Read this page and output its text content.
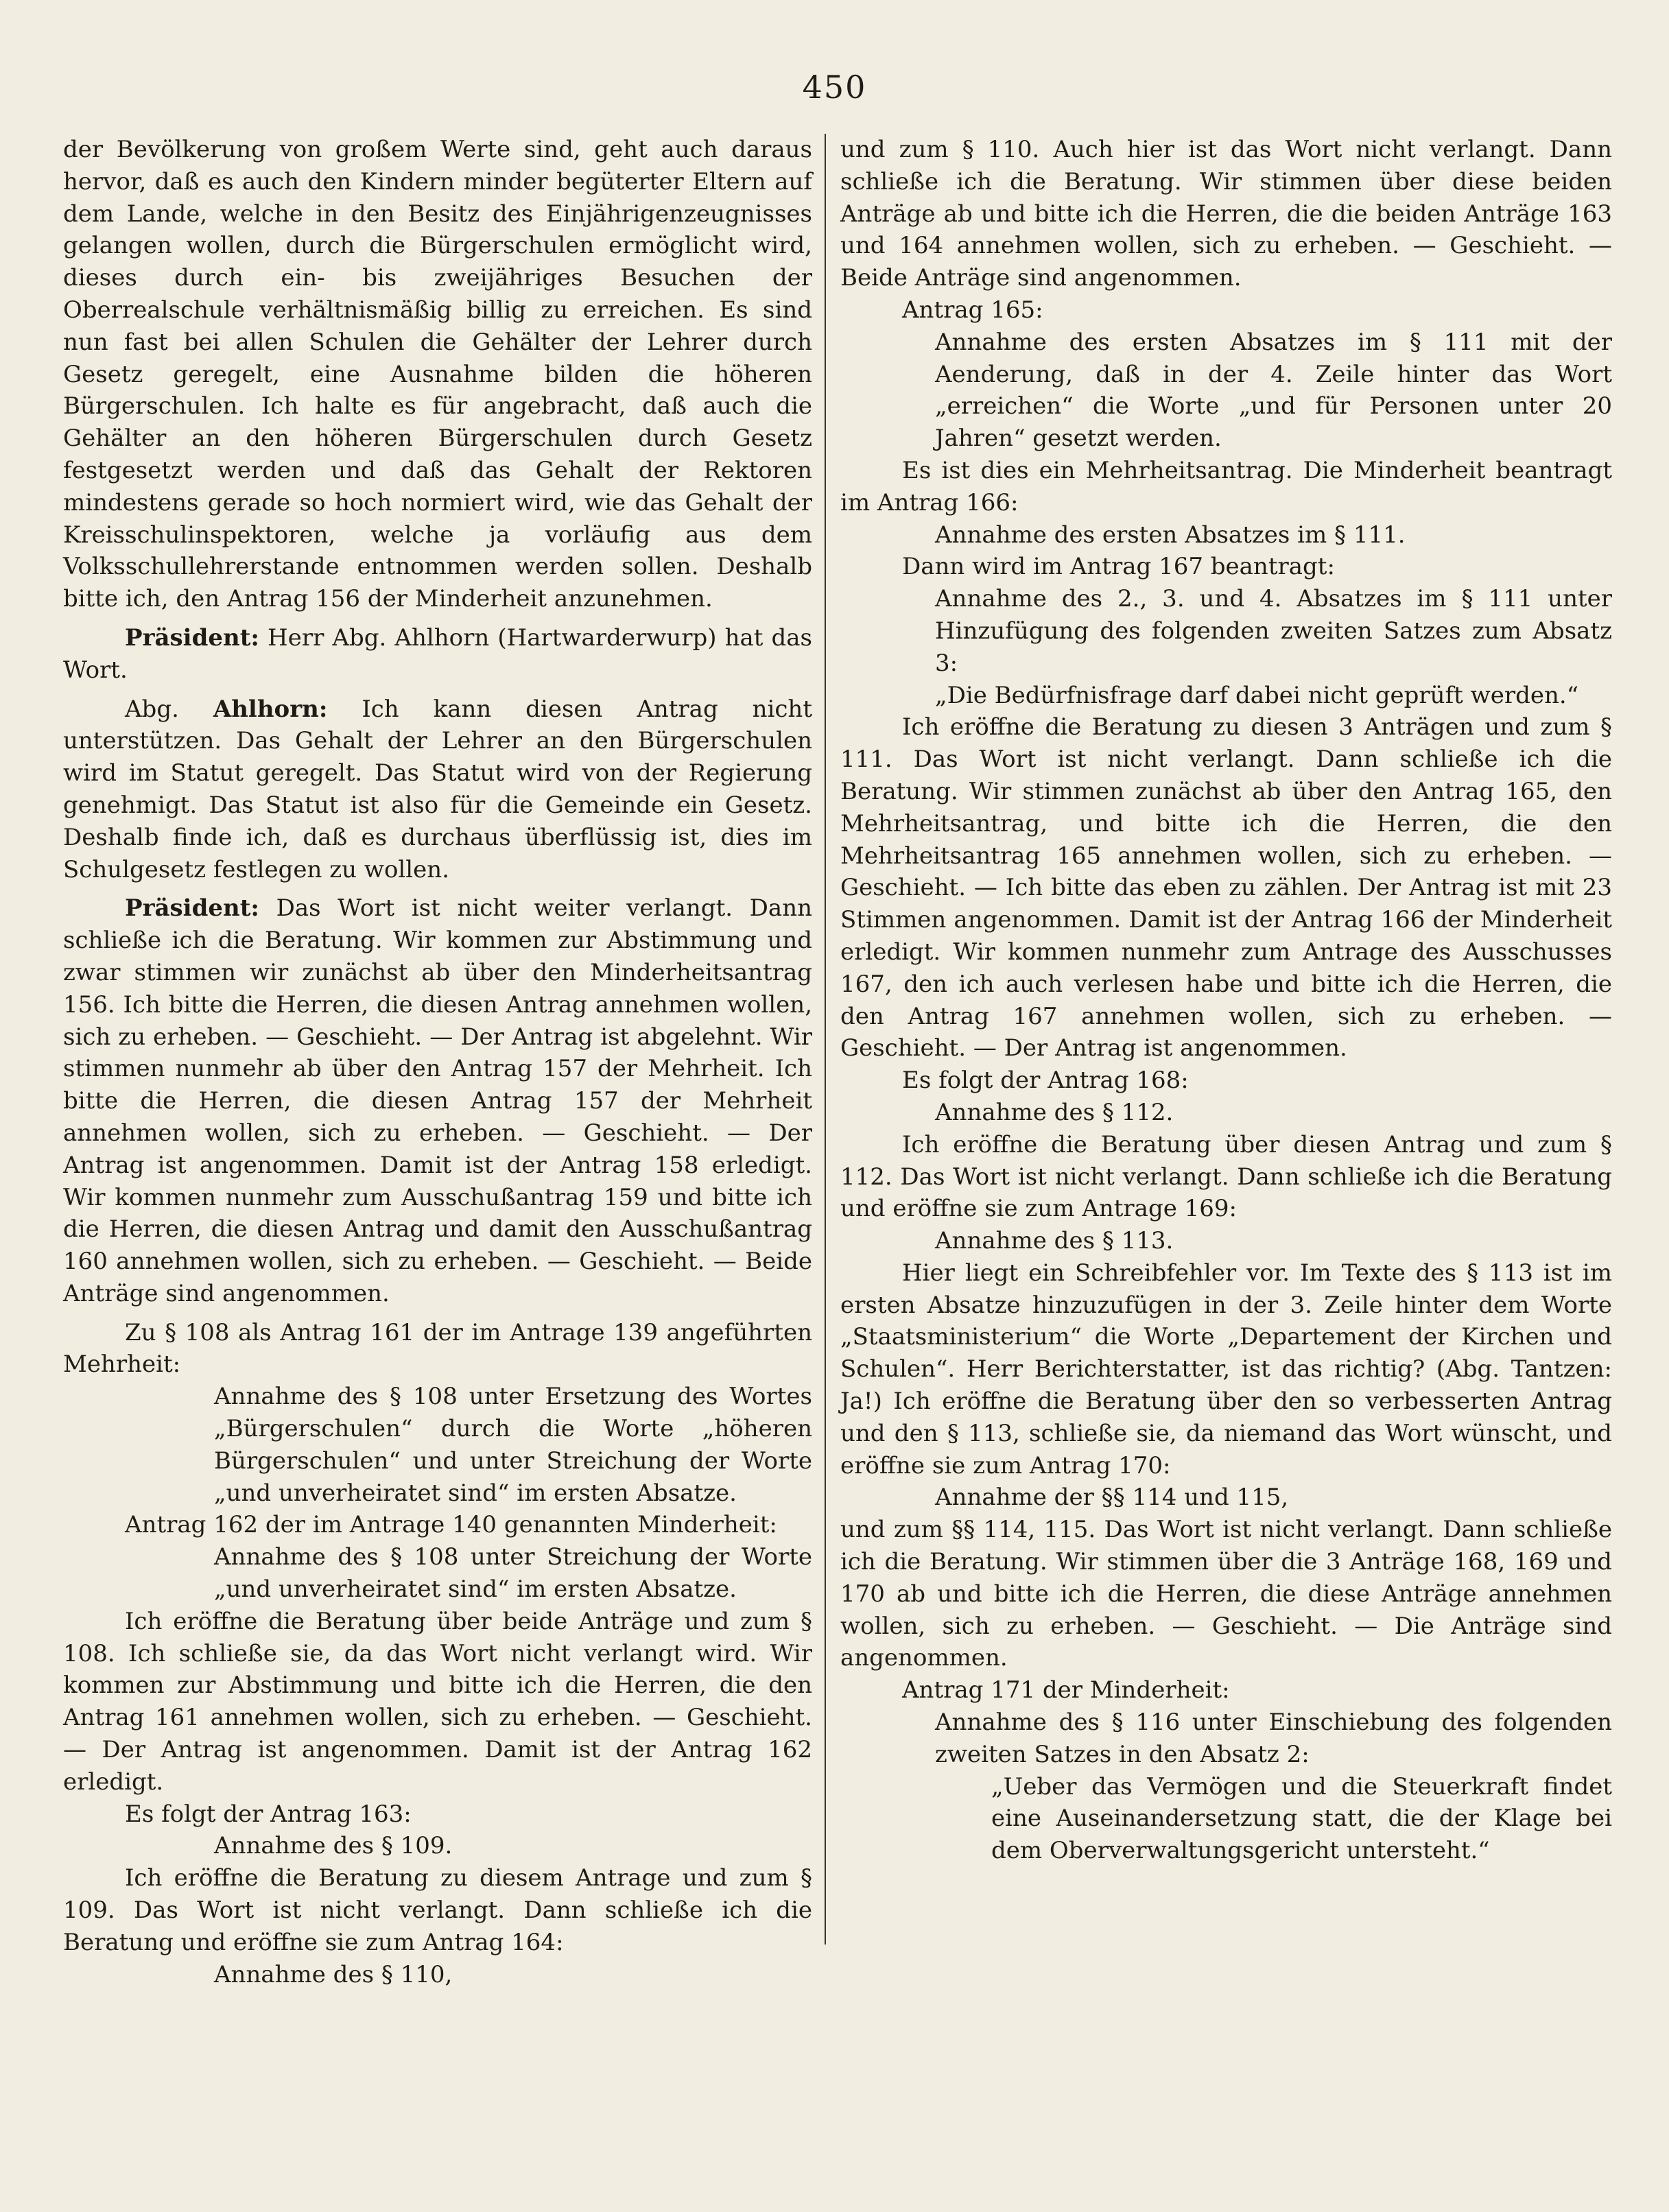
450

der Bevölkerung von großem Werte sind, geht auch daraus hervor, daß es auch den Kindern minder begüterter Eltern auf dem Lande, welche in den Besitz des Einjährigenzeugnisses gelangen wollen, durch die Bürgerschulen ermöglicht wird, dieses durch ein- bis zweijähriges Besuchen der Oberrealschule verhältnismäßig billig zu erreichen. Es sind nun fast bei allen Schulen die Gehälter der Lehrer durch Gesetz geregelt, eine Ausnahme bilden die höheren Bürgerschulen. Ich halte es für angebracht, daß auch die Gehälter an den höheren Bürgerschulen durch Gesetz festgesetzt werden und daß das Gehalt der Rektoren mindestens gerade so hoch normiert wird, wie das Gehalt der Kreisschulinspektoren, welche ja vorläufig aus dem Volksschullehrerstande entnommen werden sollen. Deshalb bitte ich, den Antrag 156 der Minderheit anzunehmen.

Präsident: Herr Abg. Ahlhorn (Hartwarderwurp) hat das Wort.

Abg. Ahlhorn: Ich kann diesen Antrag nicht unterstützen. Das Gehalt der Lehrer an den Bürgerschulen wird im Statut geregelt. Das Statut wird von der Regierung genehmigt. Das Statut ist also für die Gemeinde ein Gesetz. Deshalb finde ich, daß es durchaus überflüssig ist, dies im Schulgesetz festlegen zu wollen.

Präsident: Das Wort ist nicht weiter verlangt. Dann schließe ich die Beratung. Wir kommen zur Abstimmung und zwar stimmen wir zunächst ab über den Minderheitsantrag 156. Ich bitte die Herren, die diesen Antrag annehmen wollen, sich zu erheben. — Geschieht. — Der Antrag ist abgelehnt. Wir stimmen nunmehr ab über den Antrag 157 der Mehrheit. Ich bitte die Herren, die diesen Antrag 157 der Mehrheit annehmen wollen, sich zu erheben. — Geschieht. — Der Antrag ist angenommen. Damit ist der Antrag 158 erledigt. Wir kommen nunmehr zum Ausschußantrag 159 und bitte ich die Herren, die diesen Antrag und damit den Ausschußantrag 160 annehmen wollen, sich zu erheben. — Geschieht. — Beide Anträge sind angenommen.

Zu § 108 als Antrag 161 der im Antrage 139 angeführten Mehrheit:

Annahme des § 108 unter Ersetzung des Wortes „Bürgerschulen“ durch die Worte „höheren Bürgerschulen“ und unter Streichung der Worte „und unverheiratet sind“ im ersten Absatze.

Antrag 162 der im Antrage 140 genannten Minderheit:

Annahme des § 108 unter Streichung der Worte „und unverheiratet sind“ im ersten Absatze.

Ich eröffne die Beratung über beide Anträge und zum § 108. Ich schließe sie, da das Wort nicht verlangt wird. Wir kommen zur Abstimmung und bitte ich die Herren, die den Antrag 161 annehmen wollen, sich zu erheben. — Geschieht. — Der Antrag ist angenommen. Damit ist der Antrag 162 erledigt.

Es folgt der Antrag 163:

Annahme des § 109.

Ich eröffne die Beratung zu diesem Antrage und zum § 109. Das Wort ist nicht verlangt. Dann schließe ich die Beratung und eröffne sie zum Antrag 164:

Annahme des § 110,

und zum § 110. Auch hier ist das Wort nicht verlangt. Dann schließe ich die Beratung. Wir stimmen über diese beiden Anträge ab und bitte ich die Herren, die die beiden Anträge 163 und 164 annehmen wollen, sich zu erheben. — Geschieht. — Beide Anträge sind angenommen.

Antrag 165:

Annahme des ersten Absatzes im § 111 mit der Aenderung, daß in der 4. Zeile hinter das Wort „erreichen“ die Worte „und für Personen unter 20 Jahren“ gesetzt werden.

Es ist dies ein Mehrheitsantrag. Die Minderheit beantragt im Antrag 166:

Annahme des ersten Absatzes im § 111.

Dann wird im Antrag 167 beantragt:

Annahme des 2., 3. und 4. Absatzes im § 111 unter Hinzufügung des folgenden zweiten Satzes zum Absatz 3:

„Die Bedürfnisfrage darf dabei nicht geprüft werden.“

Ich eröffne die Beratung zu diesen 3 Anträgen und zum § 111. Das Wort ist nicht verlangt. Dann schließe ich die Beratung. Wir stimmen zunächst ab über den Antrag 165, den Mehrheitsantrag, und bitte ich die Herren, die den Mehrheitsantrag 165 annehmen wollen, sich zu erheben. — Geschieht. — Ich bitte das eben zu zählen. Der Antrag ist mit 23 Stimmen angenommen. Damit ist der Antrag 166 der Minderheit erledigt. Wir kommen nunmehr zum Antrage des Ausschusses 167, den ich auch verlesen habe und bitte ich die Herren, die den Antrag 167 annehmen wollen, sich zu erheben. — Geschieht. — Der Antrag ist angenommen.

Es folgt der Antrag 168:

Annahme des § 112.

Ich eröffne die Beratung über diesen Antrag und zum § 112. Das Wort ist nicht verlangt. Dann schließe ich die Beratung und eröffne sie zum Antrage 169:

Annahme des § 113.

Hier liegt ein Schreibfehler vor. Im Texte des § 113 ist im ersten Absatze hinzuzufügen in der 3. Zeile hinter dem Worte „Staatsministerium“ die Worte „Departement der Kirchen und Schulen“. Herr Berichterstatter, ist das richtig? (Abg. Tantzen: Ja!) Ich eröffne die Beratung über den so verbesserten Antrag und den § 113, schließe sie, da niemand das Wort wünscht, und eröffne sie zum Antrag 170:

Annahme der §§ 114 und 115,

und zum §§ 114, 115. Das Wort ist nicht verlangt. Dann schließe ich die Beratung. Wir stimmen über die 3 Anträge 168, 169 und 170 ab und bitte ich die Herren, die diese Anträge annehmen wollen, sich zu erheben. — Geschieht. — Die Anträge sind angenommen.

Antrag 171 der Minderheit:

Annahme des § 116 unter Einschiebung des folgenden zweiten Satzes in den Absatz 2:

„Ueber das Vermögen und die Steuerkraft findet eine Auseinandersetzung statt, die der Klage bei dem Oberverwaltungsgericht untersteht.“
